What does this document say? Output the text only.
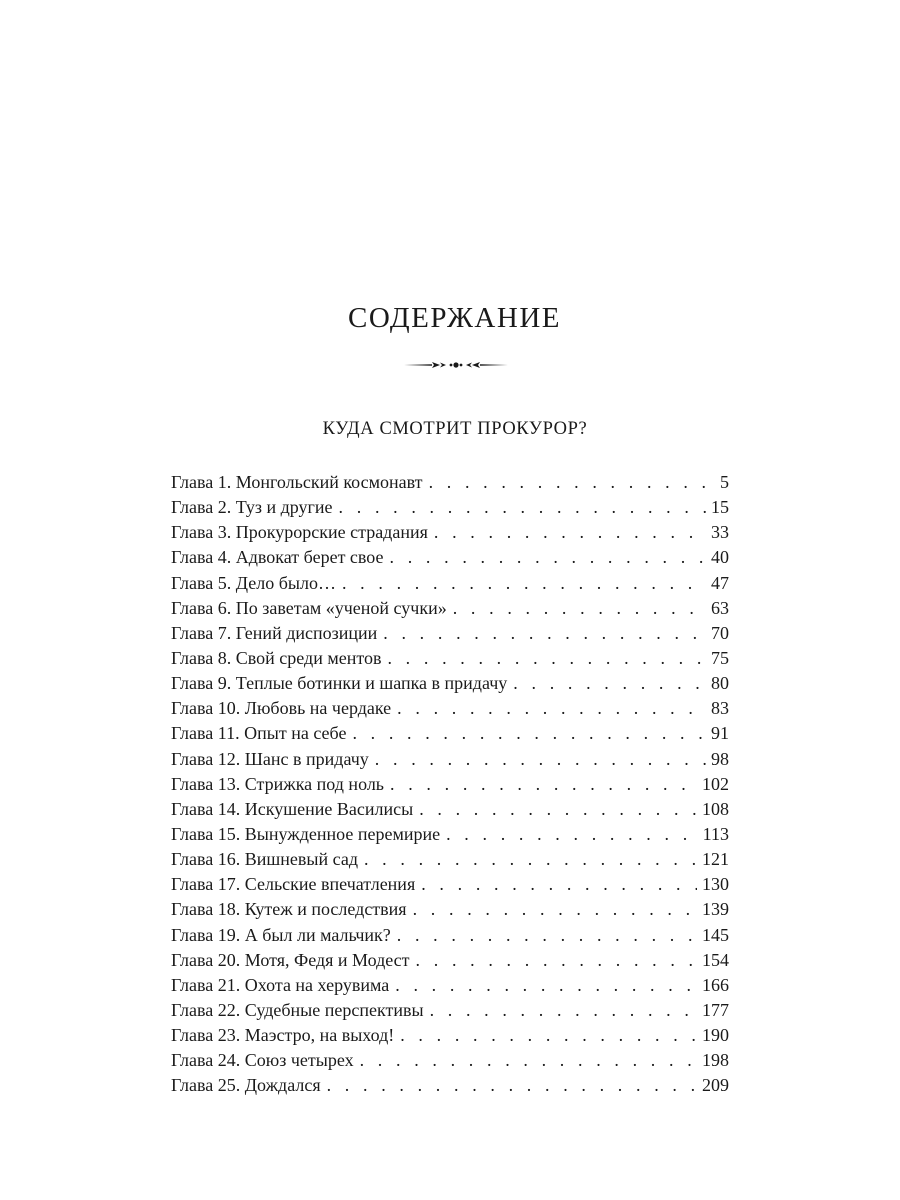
СОДЕРЖАНИЕ
КУДА СМОТРИТ ПРОКУРОР?
Глава 1. Монгольский космонавт . . .	5
Глава 2. Туз и другие . . .	15
Глава 3. Прокурорские страдания . . .	33
Глава 4. Адвокат берет свое . . .	40
Глава 5. Дело было… . . .	47
Глава 6. По заветам «ученой сучки» . . .	63
Глава 7. Гений диспозиции . . .	70
Глава 8. Свой среди ментов . . .	75
Глава 9. Теплые ботинки и шапка в придачу . . .	80
Глава 10. Любовь на чердаке . . .	83
Глава 11. Опыт на себе . . .	91
Глава 12. Шанс в придачу . . .	98
Глава 13. Стрижка под ноль . . .	102
Глава 14. Искушение Василисы . . .	108
Глава 15. Вынужденное перемирие . . .	113
Глава 16. Вишневый сад . . .	121
Глава 17. Сельские впечатления . . .	130
Глава 18. Кутеж и последствия . . .	139
Глава 19. А был ли мальчик? . . .	145
Глава 20. Мотя, Федя и Модест . . .	154
Глава 21. Охота на херувима . . .	166
Глава 22. Судебные перспективы . . .	177
Глава 23. Маэстро, на выход! . . .	190
Глава 24. Союз четырех . . .	198
Глава 25. Дождался . . .	209
